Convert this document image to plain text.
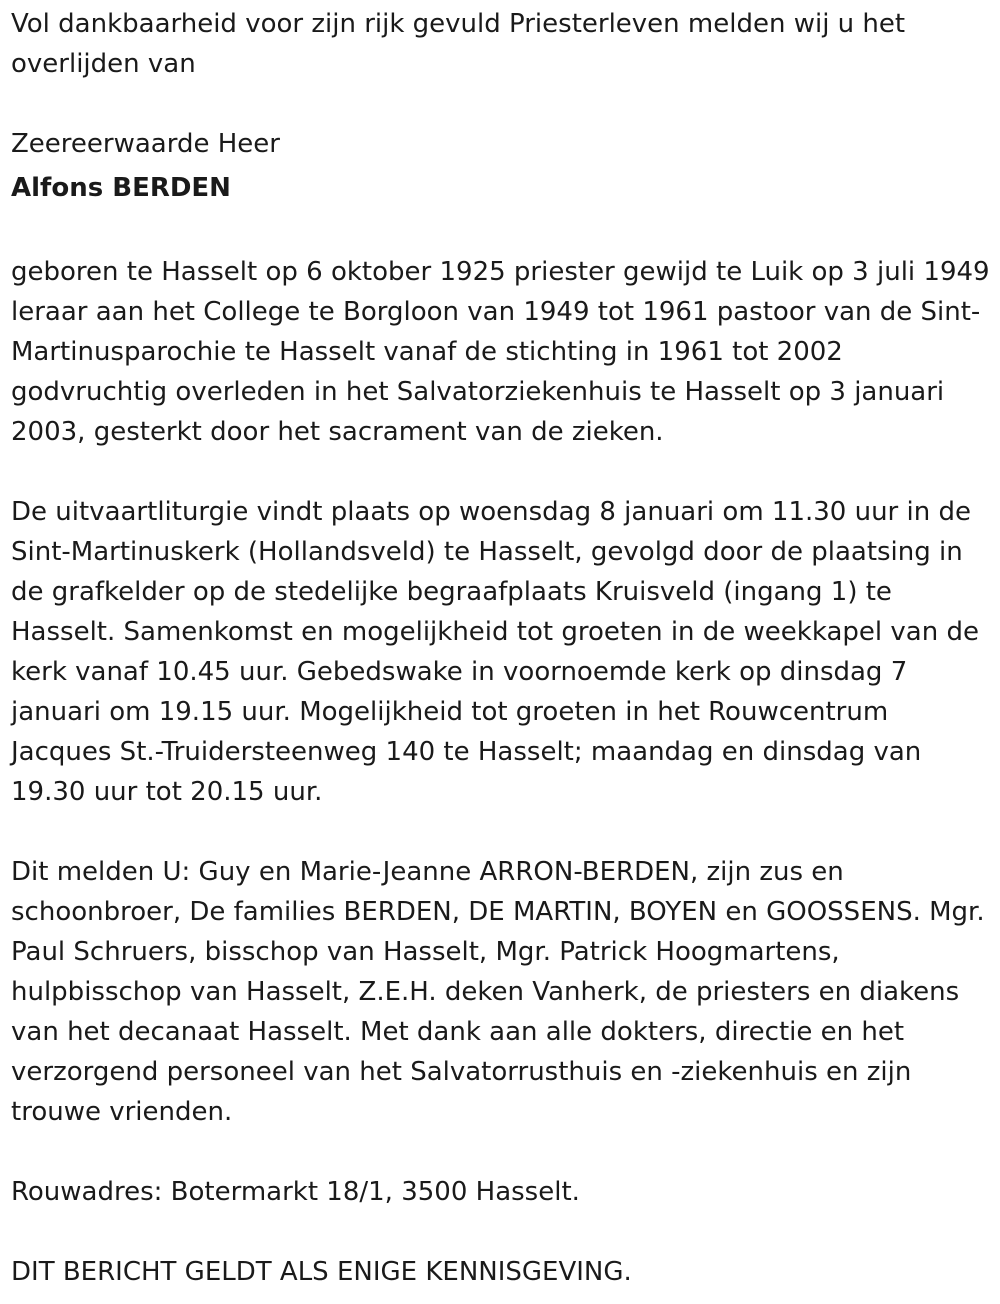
Vol dankbaarheid voor zijn rijk gevuld Priesterleven melden wij u het overlijden van

Zeereerwaarde Heer

Alfons BERDEN

geboren te Hasselt op 6 oktober 1925 priester gewijd te Luik op 3 juli 1949 leraar aan het College te Borgloon van 1949 tot 1961 pastoor van de Sint-Martinusparochie te Hasselt vanaf de stichting in 1961 tot 2002 godvruchtig overleden in het Salvatorziekenhuis te Hasselt op 3 januari 2003, gesterkt door het sacrament van de zieken.

De uitvaartliturgie vindt plaats op woensdag 8 januari om 11.30 uur in de Sint-Martinuskerk (Hollandsveld) te Hasselt, gevolgd door de plaatsing in de grafkelder op de stedelijke begraafplaats Kruisveld (ingang 1) te Hasselt. Samenkomst en mogelijkheid tot groeten in de weekkapel van de kerk vanaf 10.45 uur. Gebedswake in voornoemde kerk op dinsdag 7 januari om 19.15 uur. Mogelijkheid tot groeten in het Rouwcentrum Jacques St.-Truidersteenweg 140 te Hasselt; maandag en dinsdag van 19.30 uur tot 20.15 uur.

Dit melden U: Guy en Marie-Jeanne ARRON-BERDEN, zijn zus en schoonbroer, De families BERDEN, DE MARTIN, BOYEN en GOOSSENS. Mgr. Paul Schruers, bisschop van Hasselt, Mgr. Patrick Hoogmartens, hulpbisschop van Hasselt, Z.E.H. deken Vanherk, de priesters en diakens van het decanaat Hasselt. Met dank aan alle dokters, directie en het verzorgend personeel van het Salvatorrusthuis en -ziekenhuis en zijn trouwe vrienden.

Rouwadres: Botermarkt 18/1, 3500 Hasselt.

DIT BERICHT GELDT ALS ENIGE KENNISGEVING.
